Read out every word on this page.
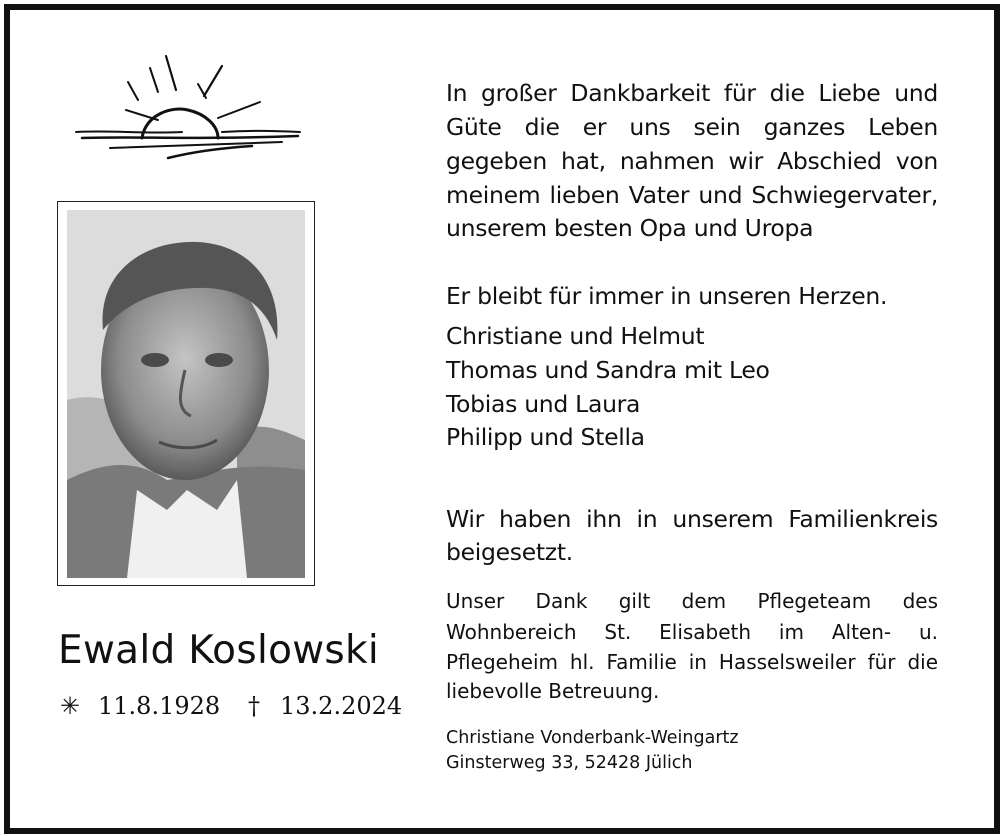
Ewald Koslowski
✳ 11.8.1928 † 13.2.2024
In großer Dankbarkeit für die Liebe und
Güte die er uns sein ganzes Leben
gegeben hat, nahmen wir Abschied von
meinem lieben Vater und Schwiegervater,
unserem besten Opa und Uropa
Er bleibt für immer in unseren Herzen.
Christiane und Helmut
Thomas und Sandra mit Leo
Tobias und Laura
Philipp und Stella
Wir haben ihn in unserem Familienkreis
beigesetzt.
Unser Dank gilt dem Pflegeteam des
Wohnbereich St. Elisabeth im Alten- u.
Pflegeheim hl. Familie in Hasselsweiler für die
liebevolle Betreuung.
Christiane Vonderbank-Weingartz
Ginsterweg 33, 52428 Jülich
